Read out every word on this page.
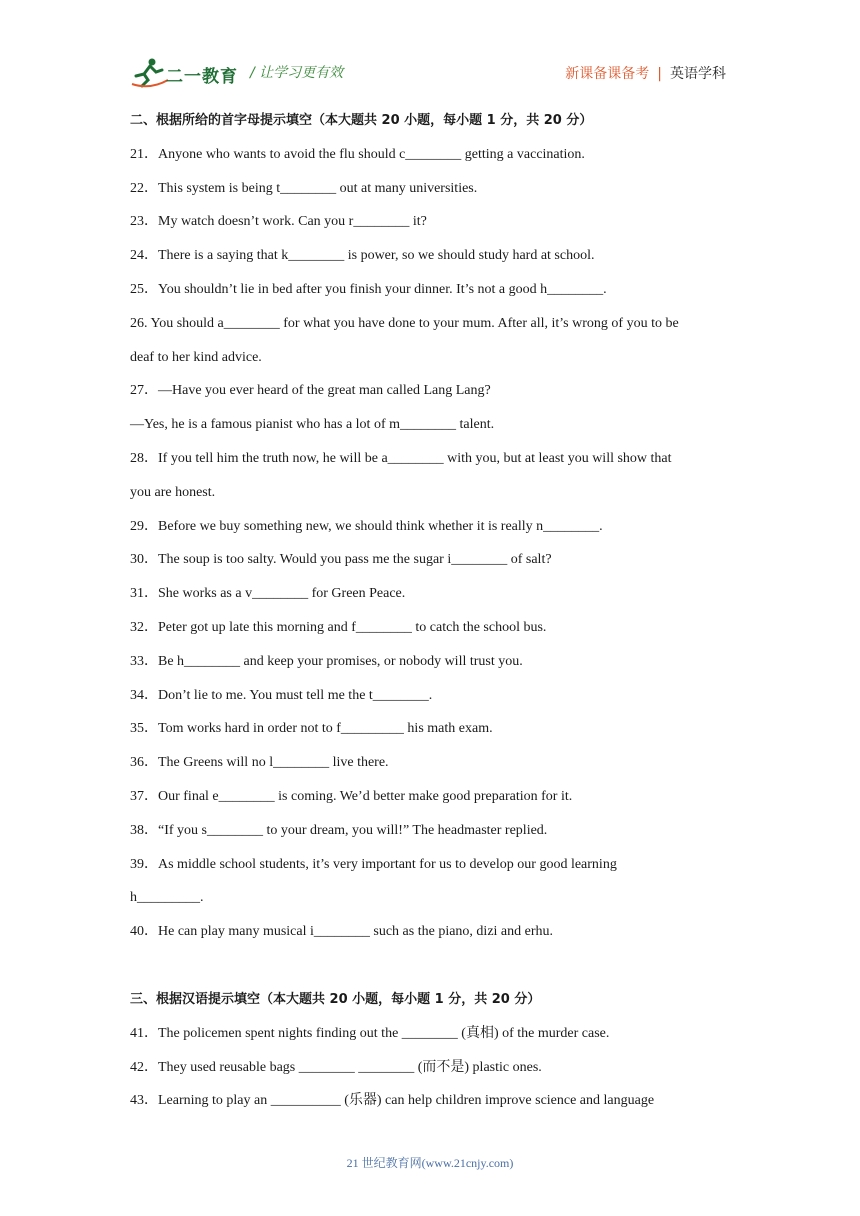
二一教育 / 让学习更有效	新课备课备考 | 英语学科
二、根据所给的首字母提示填空（本大题共 20 小题，每小题 1 分，共 20 分）
21．Anyone who wants to avoid the flu should c________ getting a vaccination.
22．This system is being t________ out at many universities.
23．My watch doesn’t work. Can you r________ it?
24．There is a saying that k________ is power, so we should study hard at school.
25．You shouldn’t lie in bed after you finish your dinner. It’s not a good h________.
26. You should a________ for what you have done to your mum. After all, it’s wrong of you to be
deaf to her kind advice.
27．—Have you ever heard of the great man called Lang Lang?
—Yes, he is a famous pianist who has a lot of m________ talent.
28．If you tell him the truth now, he will be a________ with you, but at least you will show that
you are honest.
29．Before we buy something new, we should think whether it is really n________.
30．The soup is too salty. Would you pass me the sugar i________ of salt?
31．She works as a v________ for Green Peace.
32．Peter got up late this morning and f________ to catch the school bus.
33．Be h________ and keep your promises, or nobody will trust you.
34．Don’t lie to me. You must tell me the t________.
35．Tom works hard in order not to f_________ his math exam.
36．The Greens will no l________ live there.
37．Our final e________ is coming. We’d better make good preparation for it.
38．“If you s________ to your dream, you will!” The headmaster replied.
39．As middle school students, it’s very important for us to develop our good learning
h_________.
40．He can play many musical i________ such as the piano, dizi and erhu.
三、根据汉语提示填空（本大题共 20 小题，每小题 1 分，共 20 分）
41．The policemen spent nights finding out the ________ (真相) of the murder case.
42．They used reusable bags ________ ________ (而不是) plastic ones.
43．Learning to play an __________ (乐器) can help children improve science and language
21 世纪教育网(www.21cnjy.com)
